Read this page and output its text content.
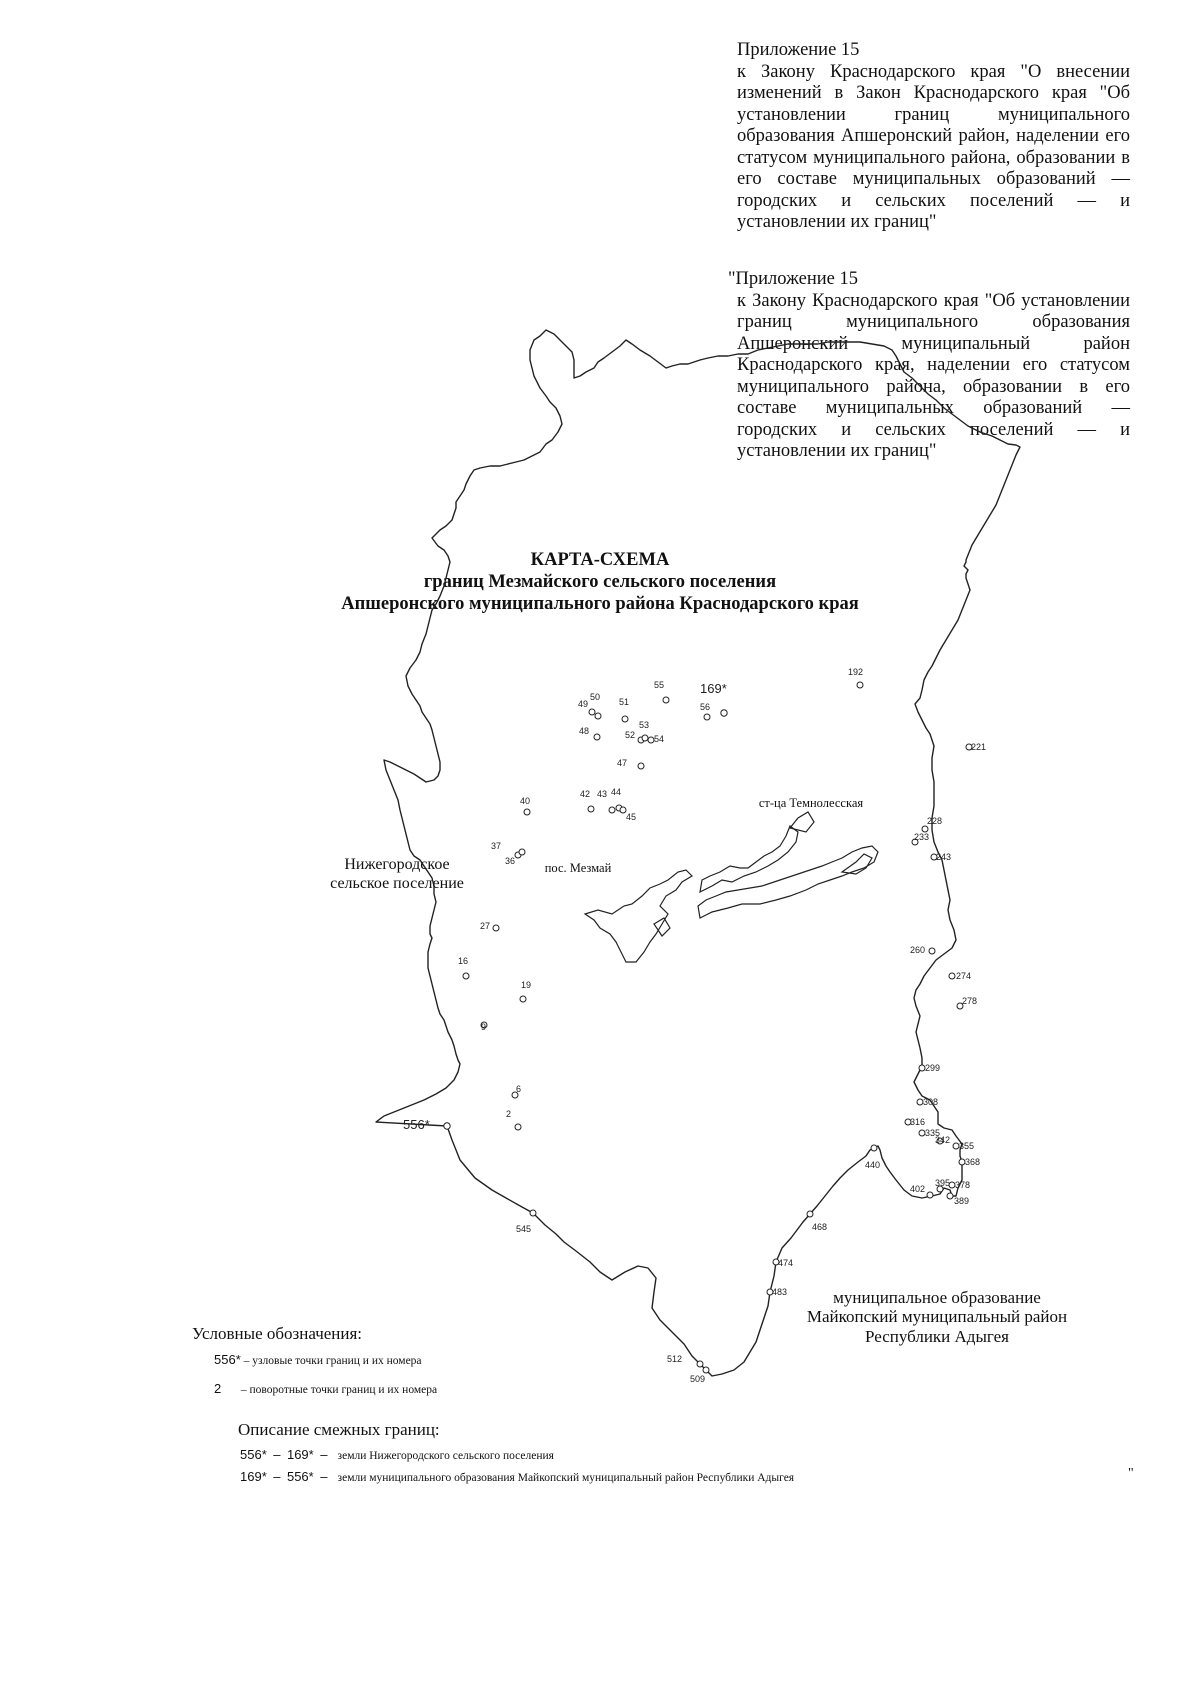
Приложение 15
к Закону Краснодарского края "О внесении изменений в Закон Краснодарского края "Об установлении границ муниципального образования Апшеронский район, наделении его статусом муниципального района, образовании в его составе муниципальных образований — городских и сельских поселений — и установлении их границ"
"Приложение 15
к Закону Краснодарского края "Об установлении границ муниципального образования Апшеронский муниципальный район Краснодарского края, наделении его статусом муниципального района, образовании в его составе муниципальных образований — городских и сельских поселений — и установлении их границ"
КАРТА-СХЕМА
границ Мезмайского сельского поселения
Апшеронского муниципального района Краснодарского края
556*
169*
2
6
9
16
19
27
36
37
40
42 43 44
45
47
48
49
50 51
52
53
54
55
56
192
221
228
233
243
260
274
278
299
308
316
335
342
355
368
378
389
395
402
440
468
474
483
509
512
545
Нижегородское
сельское поселение
пос. Мезмай
ст-ца Темнолесская
муниципальное образование
Майкопский муниципальный район
Республики Адыгея
Условные обозначения:
556* – узловые точки границ и их номера
2 – поворотные точки границ и их номера
Описание смежных границ:
556*  –  169*  –   земли Нижегородского сельского поселения
169*  –  556*  –   земли муниципального образования Майкопский муниципальный район Республики Адыгея	"
